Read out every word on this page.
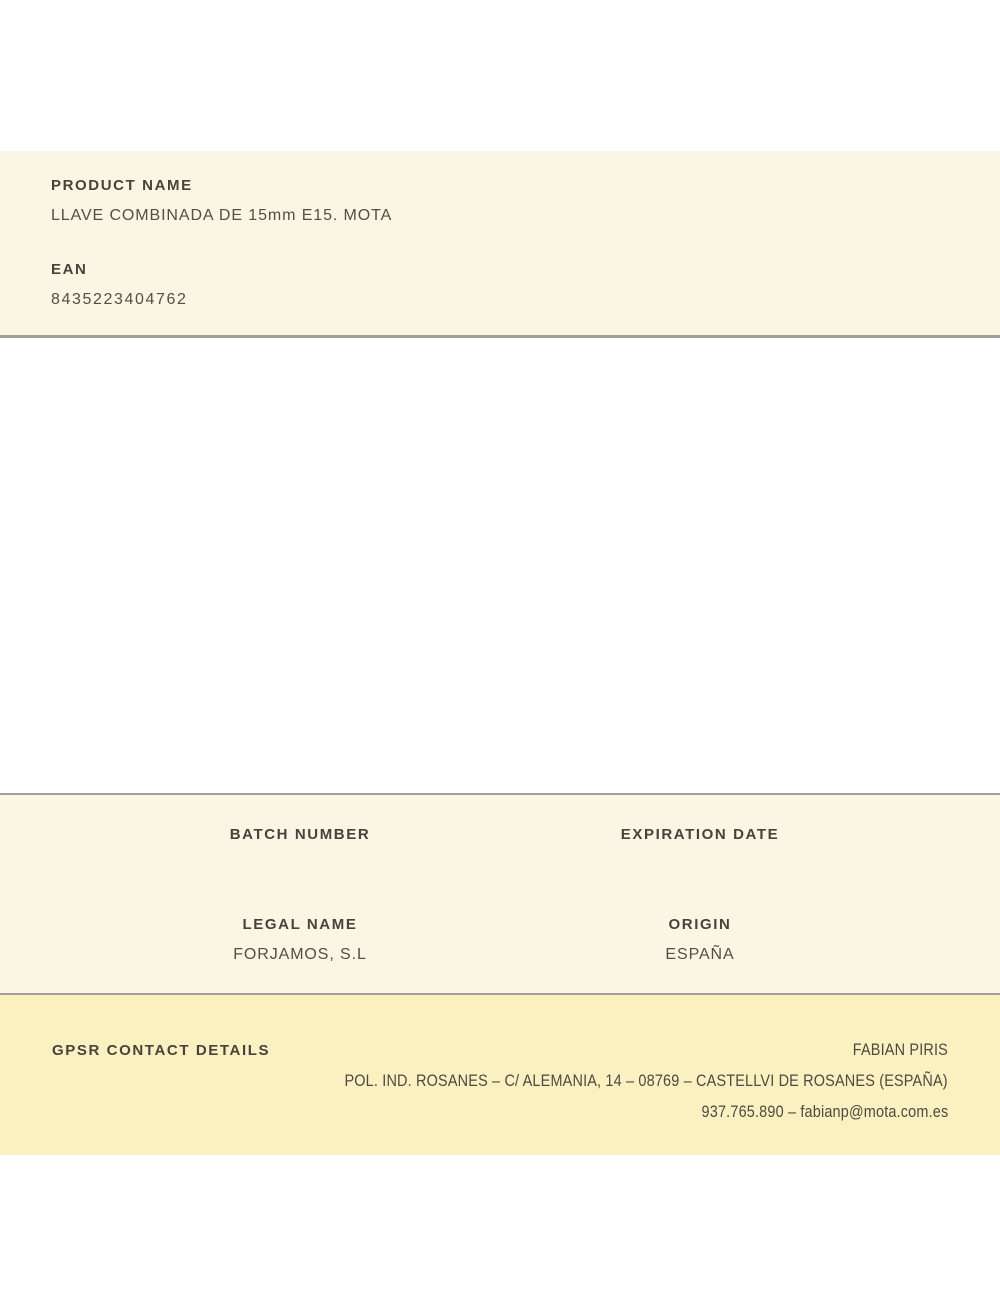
PRODUCT NAME
LLAVE COMBINADA DE 15mm E15. MOTA
EAN
8435223404762
BATCH NUMBER	EXPIRATION DATE
LEGAL NAME
FORJAMOS, S.L
ORIGIN
ESPAÑA
GPSR CONTACT DETAILS	FABIAN PIRIS
POL. IND. ROSANES – C/ ALEMANIA, 14 – 08769 – CASTELLVI DE ROSANES (ESPAÑA)
937.765.890 – fabianp@mota.com.es
